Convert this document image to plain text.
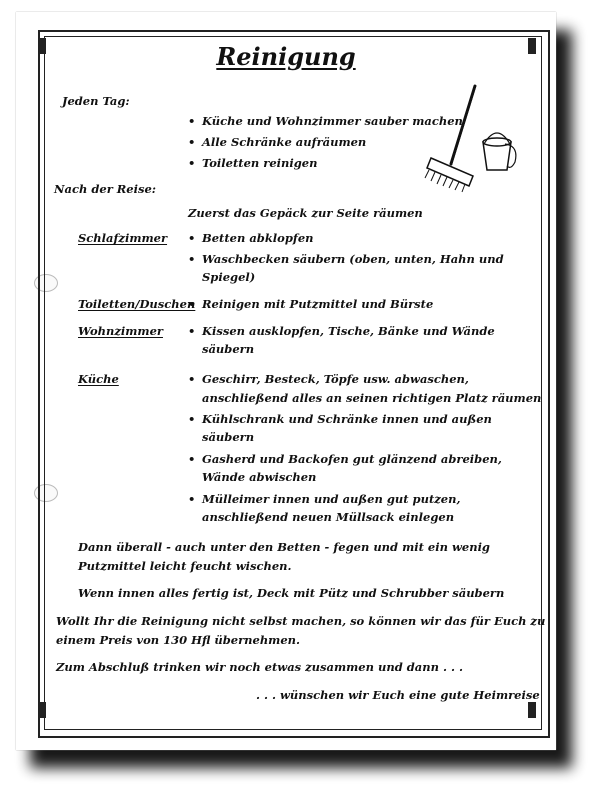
Reinigung
Jeden Tag:
• Küche und Wohnzimmer sauber machen
• Alle Schränke aufräumen
• Toiletten reinigen
Nach der Reise:
Zuerst das Gepäck zur Seite räumen
Schlafzimmer	• Betten abklopfen
• Waschbecken säubern (oben, unten, Hahn und
Spiegel)
Toiletten/Duschen • Reinigen mit Putzmittel und Bürste
Wohnzimmer	• Kissen ausklopfen, Tische, Bänke und Wände
säubern
Küche	• Geschirr, Besteck, Töpfe usw. abwaschen,
anschließend alles an seinen richtigen Platz räumen
• Kühlschrank und Schränke innen und außen
säubern
• Gasherd und Backofen gut glänzend abreiben,
Wände abwischen
• Mülleimer innen und außen gut putzen,
anschließend neuen Müllsack einlegen
Dann überall - auch unter den Betten - fegen und mit ein wenig
Putzmittel leicht feucht wischen.
Wenn innen alles fertig ist, Deck mit Pütz und Schrubber säubern
Wollt Ihr die Reinigung nicht selbst machen, so können wir das für Euch zu
einem Preis von 130 Hfl übernehmen.
Zum Abschluß trinken wir noch etwas zusammen und dann . . .
. . . wünschen wir Euch eine gute Heimreise
